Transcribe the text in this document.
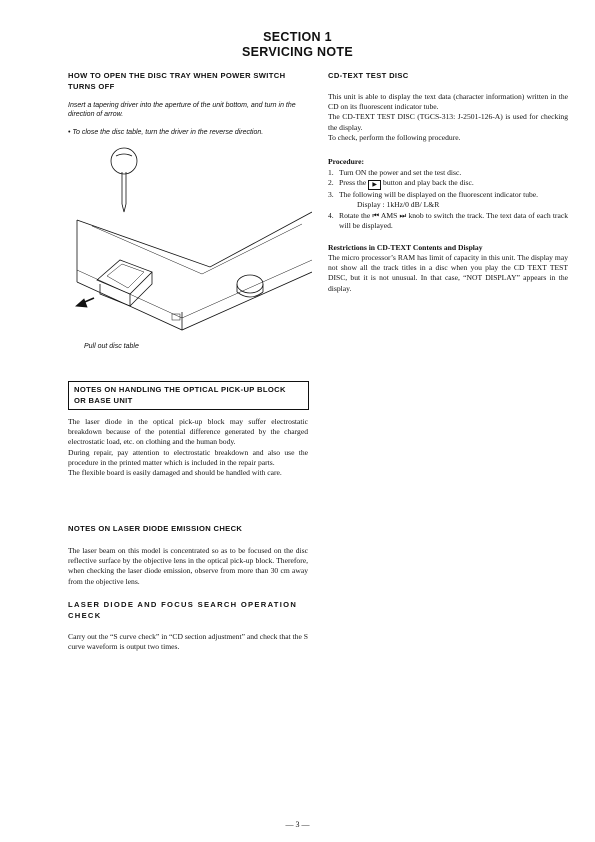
SECTION 1
SERVICING NOTE
HOW TO OPEN THE DISC TRAY WHEN POWER SWITCH
TURNS OFF
Insert a tapering driver into the aperture of the unit bottom, and turn in the direction of arrow.
• To close the disc table, turn the driver in the reverse direction.
Pull out disc table
NOTES ON HANDLING THE OPTICAL PICK-UP BLOCK
OR BASE UNIT
The laser diode in the optical pick-up block may suffer electrostatic breakdown because of the potential difference generated by the charged electrostatic load, etc. on clothing and the human body.
During repair, pay attention to electrostatic breakdown and also use the procedure in the printed matter which is included in the repair parts.
The flexible board is easily damaged and should be handled with care.
NOTES ON LASER DIODE EMISSION CHECK
The laser beam on this model is concentrated so as to be focused on the disc reflective surface by the objective lens in the optical pick-up block. Therefore, when checking the laser diode emission, observe from more than 30 cm away from the objective lens.
LASER DIODE AND FOCUS SEARCH OPERATION
CHECK
Carry out the “S curve check” in “CD section adjustment” and check that the S curve waveform is output two times.
CD-TEXT TEST DISC
This unit is able to display the text data (character information) written in the CD on its fluorescent indicator tube.
The CD-TEXT TEST DISC (TGCS-313: J-2501-126-A) is used for checking the display.
To check, perform the following procedure.
Procedure:
1. Turn ON the power and set the test disc.
2. Press the ▶ button and play back the disc.
3. The following will be displayed on the fluorescent indicator tube.
Display : 1kHz/0 dB/ L&R
4. Rotate the ⏮ AMS ⏭ knob to switch the track. The text data of each track will be displayed.
Restrictions in CD-TEXT Contents and Display
The micro processor’s RAM has limit of capacity in this unit. The display may not show all the track titles in a disc when you play the CD TEXT TEST DISC, but it is not unusual. In that case, “NOT DISPLAY” appears in the display.
— 3 —
